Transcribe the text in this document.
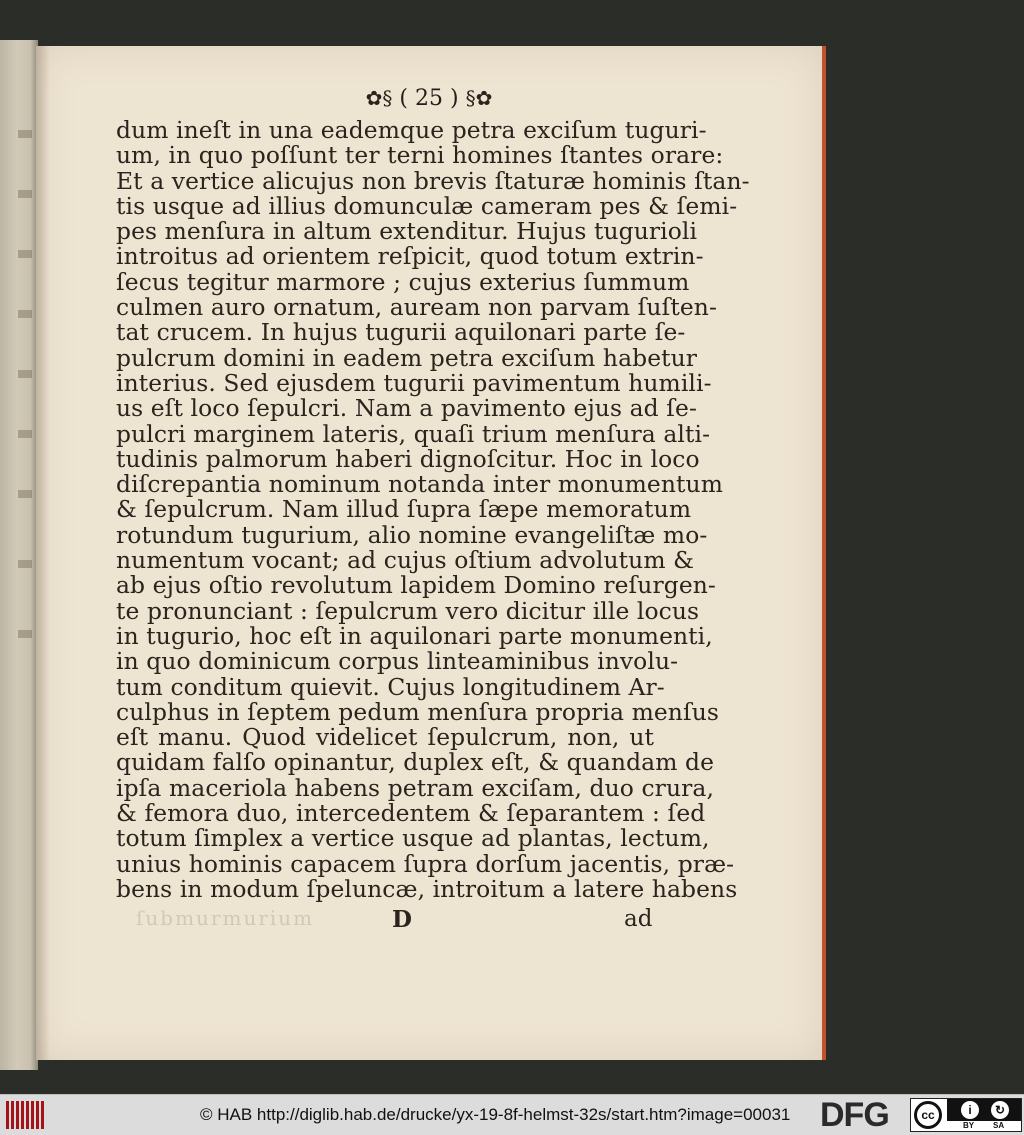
✿§ ( 25 ) §✿
dum ineſt in una eademque petra exciſum tuguri-
um, in quo poſſunt ter terni homines ſtantes orare:
Et a vertice alicujus non brevis ſtaturæ hominis ſtan-
tis usque ad illius domunculæ cameram pes & ſemi-
pes menſura in altum extenditur. Hujus tugurioli
introitus ad orientem reſpicit, quod totum extrin-
ſecus tegitur marmore ; cujus exterius ſummum
culmen auro ornatum, auream non parvam ſuſten-
tat crucem. In hujus tugurii aquilonari parte ſe-
pulcrum domini in eadem petra exciſum habetur
interius. Sed ejusdem tugurii pavimentum humili-
us eſt loco ſepulcri. Nam a pavimento ejus ad ſe-
pulcri marginem lateris, quaſi trium menſura alti-
tudinis palmorum haberi dignoſcitur. Hoc in loco
diſcrepantia nominum notanda inter monumentum
& ſepulcrum. Nam illud ſupra ſæpe memoratum
rotundum tugurium, alio nomine evangeliſtæ mo-
numentum vocant; ad cujus oſtium advolutum &
ab ejus oſtio revolutum lapidem Domino reſurgen-
te pronunciant : ſepulcrum vero dicitur ille locus
in tugurio, hoc eſt in aquilonari parte monumenti,
in quo dominicum corpus linteaminibus involu-
tum conditum quievit. Cujus longitudinem Ar-
culphus in ſeptem pedum menſura propria menſus
eſt manu. Quod videlicet ſepulcrum, non, ut
quidam falſo opinantur, duplex eſt, & quandam de
ipſa maceriola habens petram exciſam, duo crura,
& femora duo, intercedentem & ſeparantem : ſed
totum ſimplex a vertice usque ad plantas, lectum,
unius hominis capacem ſupra dorſum jacentis, præ-
bens in modum ſpeluncæ, introitum a latere habens
ſubmurmurium	D	ad
© HAB http://diglib.hab.de/drucke/yx-19-8f-helmst-32s/start.htm?image=00031 DFG	cc	i	↻
BY SA
